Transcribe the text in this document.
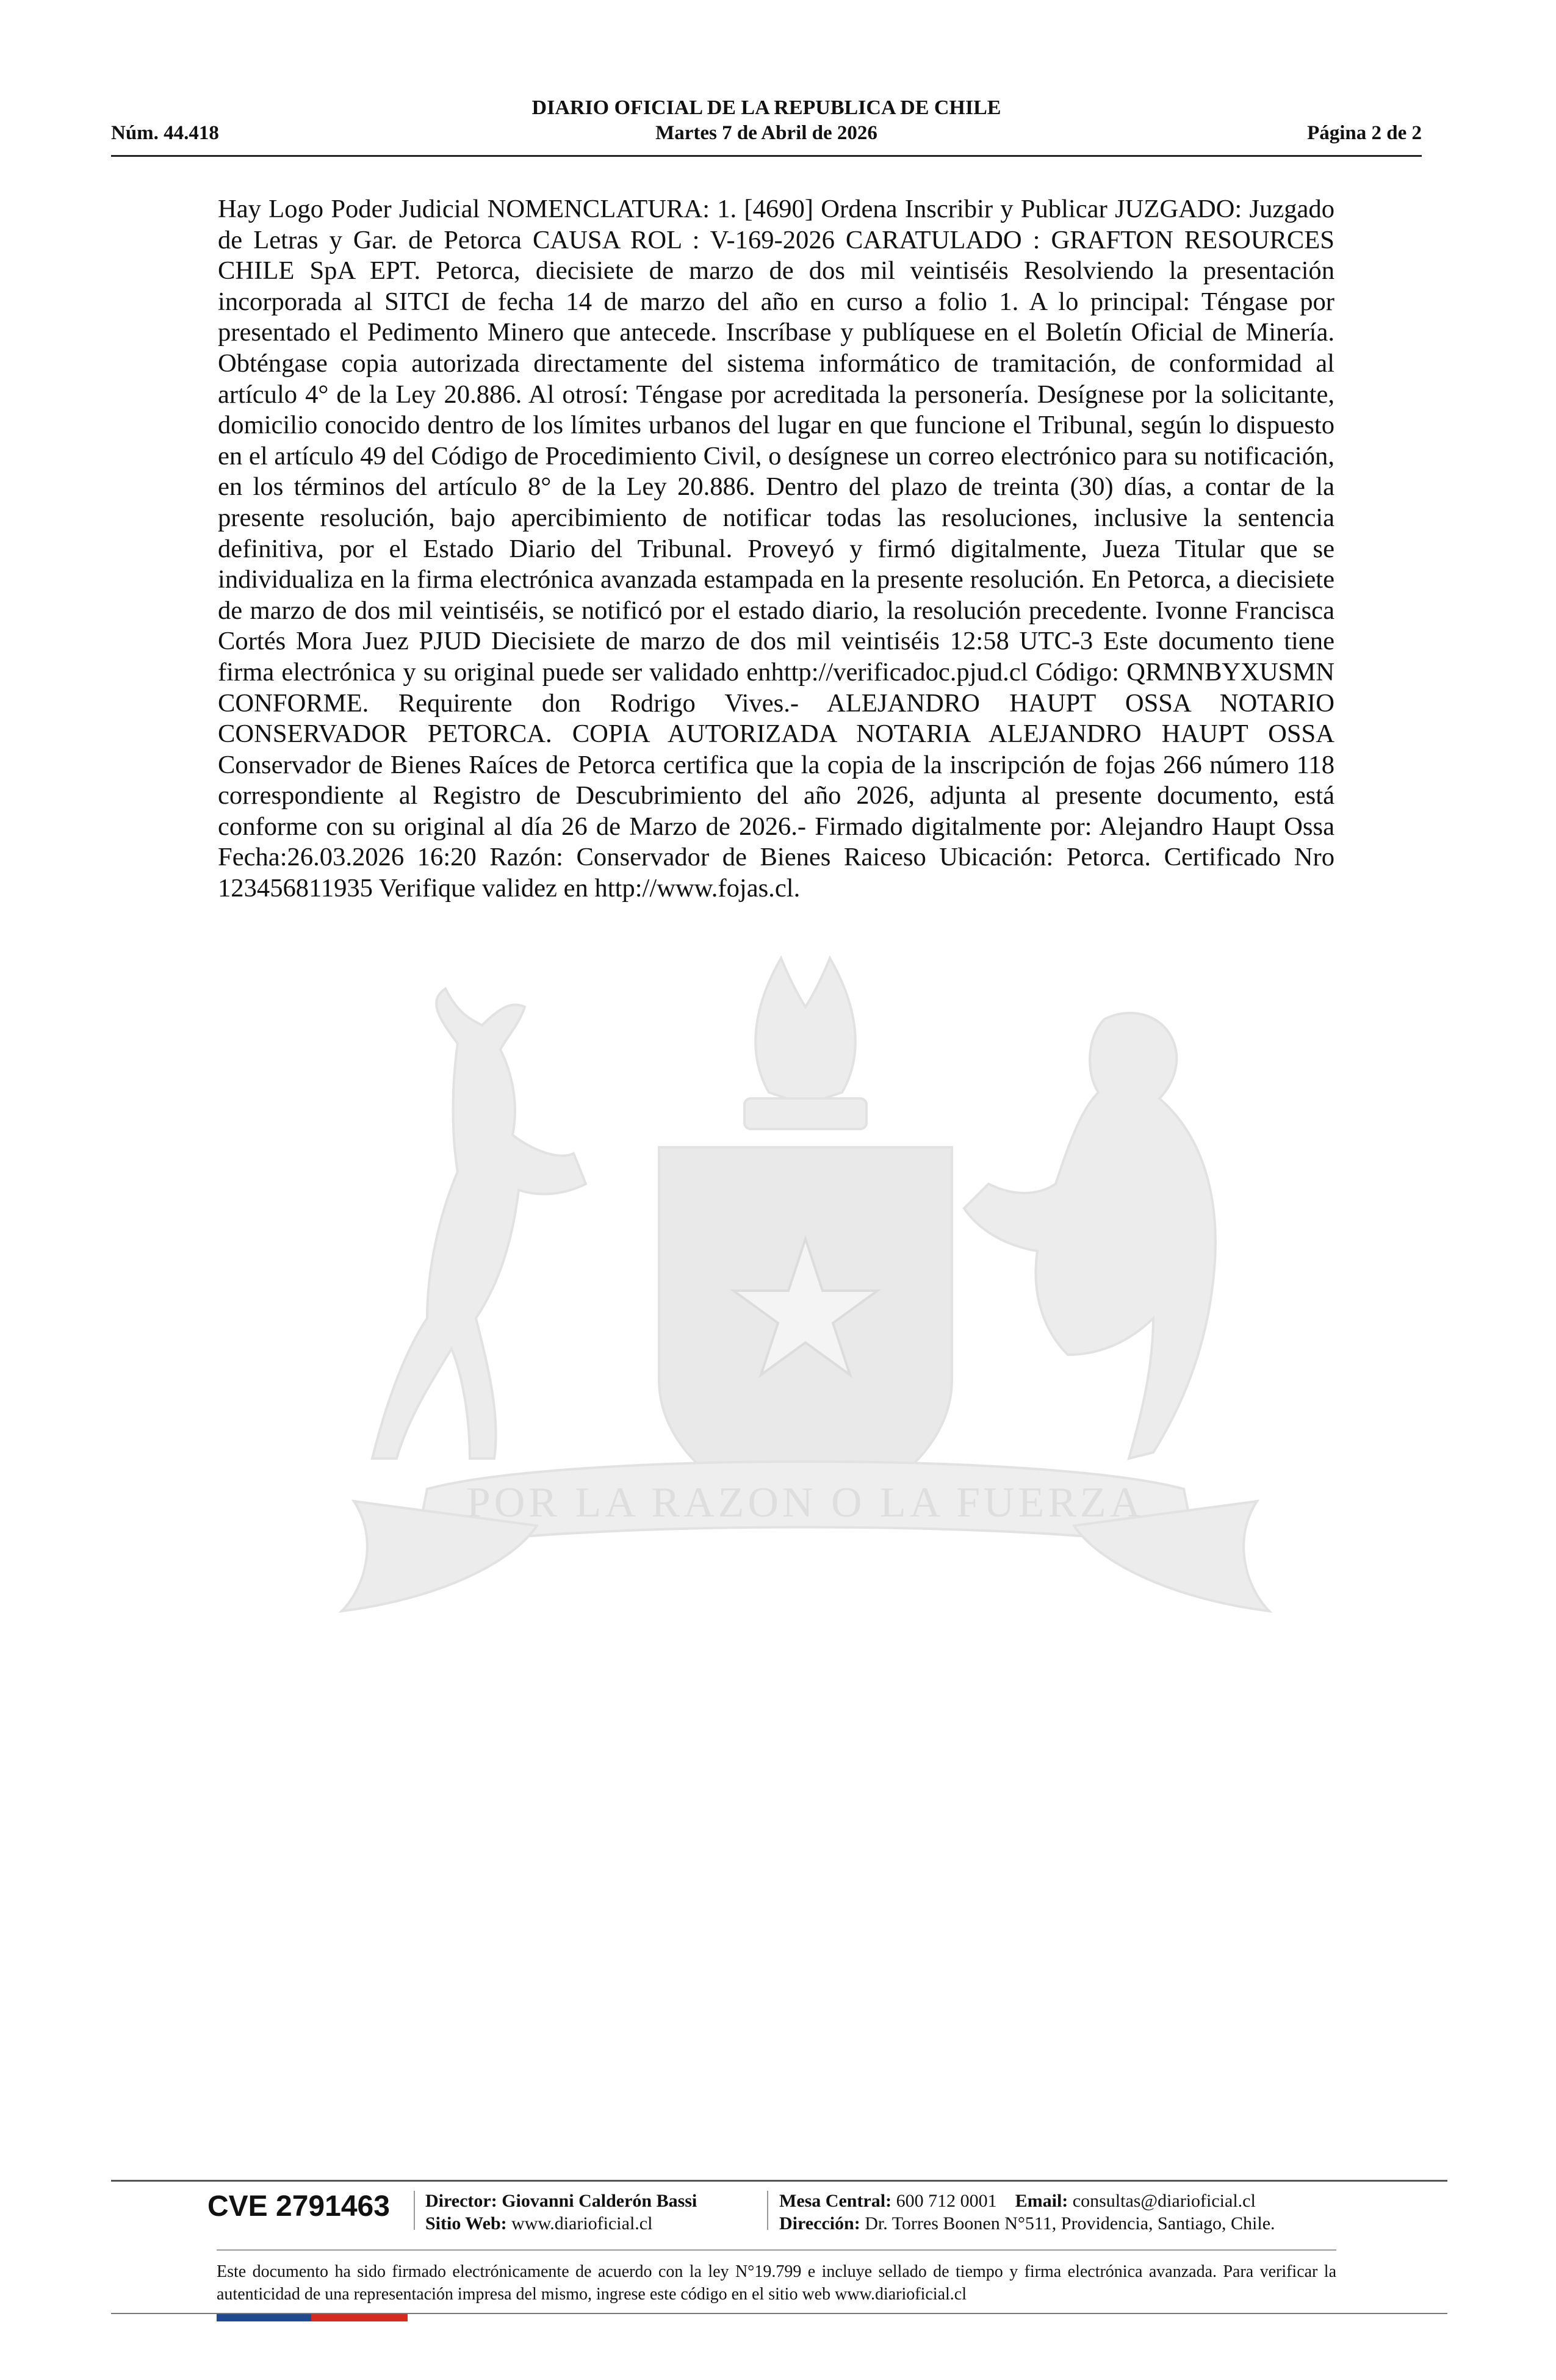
DIARIO OFICIAL DE LA REPUBLICA DE CHILE
Núm. 44.418	Martes 7 de Abril de 2026	Página 2 de 2
POR LA RAZON O LA FUERZA
Hay Logo Poder Judicial NOMENCLATURA: 1. [4690] Ordena Inscribir y Publicar JUZGADO: Juzgado de Letras y Gar. de Petorca CAUSA ROL : V-169-2026 CARATULADO : GRAFTON RESOURCES CHILE SpA EPT. Petorca, diecisiete de marzo de dos mil veintiséis Resolviendo la presentación incorporada al SITCI de fecha 14 de marzo del año en curso a folio 1. A lo principal: Téngase por presentado el Pedimento Minero que antecede. Inscríbase y publíquese en el Boletín Oficial de Minería. Obténgase copia autorizada directamente del sistema informático de tramitación, de conformidad al artículo 4° de la Ley 20.886. Al otrosí: Téngase por acreditada la personería. Desígnese por la solicitante, domicilio conocido dentro de los límites urbanos del lugar en que funcione el Tribunal, según lo dispuesto en el artículo 49 del Código de Procedimiento Civil, o desígnese un correo electrónico para su notificación, en los términos del artículo 8° de la Ley 20.886. Dentro del plazo de treinta (30) días, a contar de la presente resolución, bajo apercibimiento de notificar todas las resoluciones, inclusive la sentencia definitiva, por el Estado Diario del Tribunal. Proveyó y firmó digitalmente, Jueza Titular que se individualiza en la firma electrónica avanzada estampada en la presente resolución. En Petorca, a diecisiete de marzo de dos mil veintiséis, se notificó por el estado diario, la resolución precedente. Ivonne Francisca Cortés Mora Juez PJUD Diecisiete de marzo de dos mil veintiséis 12:58 UTC-3 Este documento tiene firma electrónica y su original puede ser validado enhttp://verificadoc.pjud.cl Código: QRMNBYXUSMN CONFORME. Requirente don Rodrigo Vives.- ALEJANDRO HAUPT OSSA NOTARIO CONSERVADOR PETORCA. COPIA AUTORIZADA NOTARIA ALEJANDRO HAUPT OSSA Conservador de Bienes Raíces de Petorca certifica que la copia de la inscripción de fojas 266 número 118 correspondiente al Registro de Descubrimiento del año 2026, adjunta al presente documento, está conforme con su original al día 26 de Marzo de 2026.- Firmado digitalmente por: Alejandro Haupt Ossa Fecha:26.03.2026 16:20 Razón: Conservador de Bienes Raiceso Ubicación: Petorca. Certificado Nro 123456811935 Verifique validez en http://www.fojas.cl.
CVE 2791463 Director: Giovanni Calderón Bassi
Sitio Web: www.diarioficial.cl
Mesa Central: 600 712 0001 Email: consultas@diarioficial.cl
Dirección: Dr. Torres Boonen N°511, Providencia, Santiago, Chile.
Este documento ha sido firmado electrónicamente de acuerdo con la ley N°19.799 e incluye sellado de tiempo y firma electrónica avanzada. Para verificar la autenticidad de una representación impresa del mismo, ingrese este código en el sitio web www.diarioficial.cl
